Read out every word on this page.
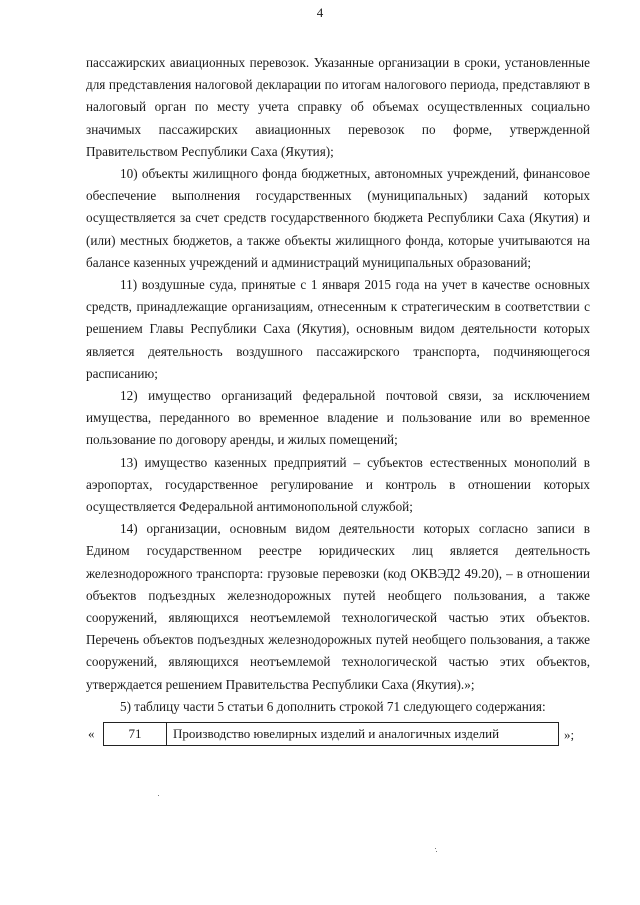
4

пассажирских авиационных перевозок. Указанные организации в сроки, установленные для представления налоговой декларации по итогам налогового периода, представляют в налоговый орган по месту учета справку об объемах осуществленных социально значимых пассажирских авиационных перевозок по форме, утвержденной Правительством Республики Саха (Якутия);

10) объекты жилищного фонда бюджетных, автономных учреждений, финансовое обеспечение выполнения государственных (муниципальных) заданий которых осуществляется за счет средств государственного бюджета Республики Саха (Якутия) и (или) местных бюджетов, а также объекты жилищного фонда, которые учитываются на балансе казенных учреждений и администраций муниципальных образований;

11) воздушные суда, принятые с 1 января 2015 года на учет в качестве основных средств, принадлежащие организациям, отнесенным к стратегическим в соответствии с решением Главы Республики Саха (Якутия), основным видом деятельности которых является деятельность воздушного пассажирского транспорта, подчиняющегося расписанию;

12) имущество организаций федеральной почтовой связи, за исключением имущества, переданного во временное владение и пользование или во временное пользование по договору аренды, и жилых помещений;

13) имущество казенных предприятий – субъектов естественных монополий в аэропортах, государственное регулирование и контроль в отношении которых осуществляется Федеральной антимонопольной службой;

14) организации, основным видом деятельности которых согласно записи в Едином государственном реестре юридических лиц является деятельность железнодорожного транспорта: грузовые перевозки (код ОКВЭД2 49.20), – в отношении объектов подъездных железнодорожных путей необщего пользования, а также сооружений, являющихся неотъемлемой технологической частью этих объектов. Перечень объектов подъездных железнодорожных путей необщего пользования, а также сооружений, являющихся неотъемлемой технологической частью этих объектов, утверждается решением Правительства Республики Саха (Якутия).»;

5) таблицу части 5 статьи 6 дополнить строкой 71 следующего содержания:

«	71	Производство ювелирных изделий и аналогичных изделий	»;
